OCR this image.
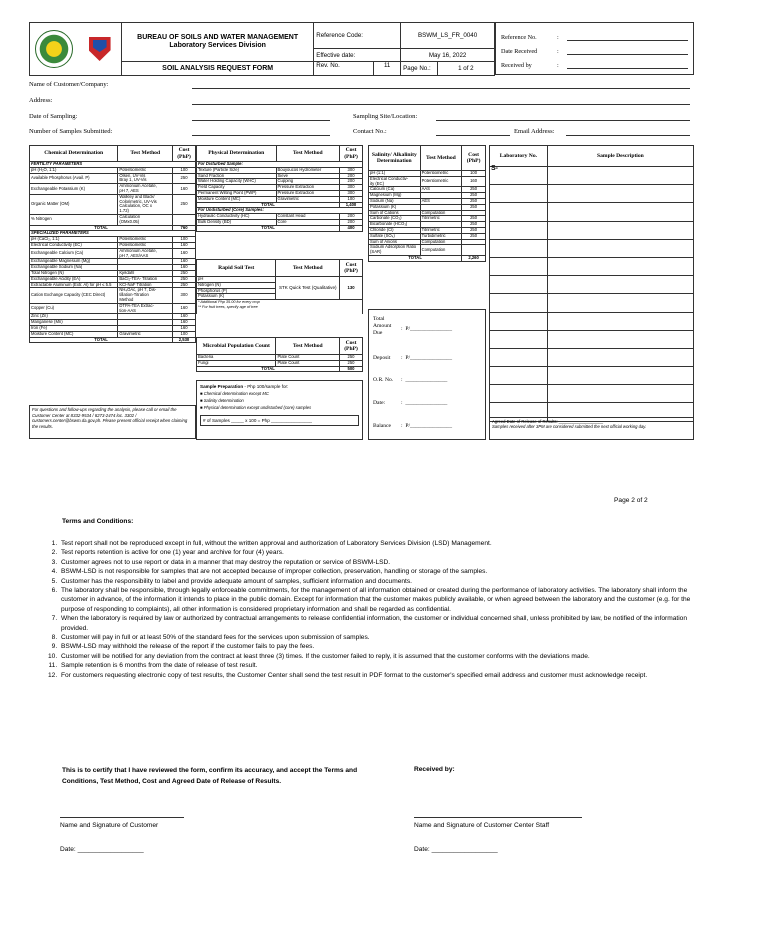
		BUREAU OF SOILS AND WATER MANAGEMENT
Laboratory Services Division	Reference Code:	BSWM_LS_FR_0040	
			Effective date:	May 16, 2022	
		SOIL ANALYSIS REQUEST FORM	Rev. No. 11	Page No.:	1 of 2
Reference No.	:
Date Received	:
Received by	:
Name of Customer/Company:
Address:
Date of Sampling:	Sampling Site/Location:
Number of Samples Submitted:	Contact No.:	Email Address:
Chemical Determination	Test Method	Cost (PhP)
FERTILITY PARAMETERS		
pH (H₂O, 1:1)	Potentiometric	100
Available Phosphorus (Avail. P)	Olsen, UV-Vis
Bray 1, UV-Vis	250
Exchangeable Potassium (K)	Ammonium Acetate,
pH 7, AES	160
Organic Matter (OM)	Walkley and Black/
Colorimetric, UV-Vis
Calculation, OC x
1.72)	250
% Nitrogen	Calculation
(OMx0.05)	
TOTAL		760
SPECIALIZED PARAMETERS		
pH (CaCl₂, 1:1)	Potentiometric	100
Electrical Conductivity (EC)	Potentiometric	160
Exchangeable Calcium (Ca)	Ammonium Acetate,
pH 7, AES/AAS	160
Exchangeable Magnesium (Mg)		160
Exchangeable Sodium (Na)		160
Total Nitrogen (N)	Kjeldahl	250
Exchangeable Acidity (EA)	BaCl₂-TEA- Titration	250
Extractable Aluminum (Extr. Al) for pH ≤ 5.5	KCl-NaF Titration	250
Cation Exchange Capacity (CEC Direct)	NH₄OAc, pH 7, Dis-
tillation-Titration
Method	300
Copper (Cu)	DTPA-TEA Extrac-
tion-AAS	160
Zinc (Zn)		160
Manganese (Mn)		160
Iron (Fe)		160
Moisture Content (MC)	Gravimetric	100
TOTAL		2,530
For questions and follow-ups regarding the analysis, please call or email the Customer Center at 8332-9534 / 8273-2474 loc. 3302 / customers.center@bswm.da.gov.ph. Please present official receipt when claiming the results.
Physical Determination	Test Method	Cost (PhP)
For Disturbed Sample:		
Texture (Particle Size)	Bouyoucos Hydrometer	300
Sand Fraction	Sieve	200
Water Holding Capacity (WHC)	Cupping	200
Field Capacity	Pressure Extraction	300
Permanent Wilting Point (PWP)	Pressure Extraction	300
Moisture Content (MC)	Gravimetric	100
TOTAL		1,400
For Undisturbed (Core) Samples:		
Hydraulic Conductivity (HC)	Constant Head	200
Bulk Density (BD)	Core	200
TOTAL		400
Rapid Soil Test	Test Method	Cost (PhP)
pH	STK Quick Test (Qualitative)	130
Nitrogen (N)		
Phosphorus (P)		
Potassium (K)		

* Additional Php 35.00 for every crop
** For fruit trees, specify age of tree		
Microbial Population Count	Test Method	Cost (PhP)
Bacteria	Plate Count	250
Fungi	Plate Count	250
TOTAL		500
Sample Preparation - Php 100/sample for:
■ Chemical determination except MC
■ Salinity determination
■ Physical determination except undisturbed (core) samples
# of Samples _____ x 100 = Php ________________
Salinity/ Alkalinity Determination	Test Method	Cost (PhP)
pH (1:1)	Potentiometric	100
Electrical Conductiv-
ity (EC)	Potentiometric	160
Calcium (Ca)	AAS	250
Magnesium (Mg)		250
Sodium (Na)	AES	250
Potassium (K)		250
Sum of Cations	Computation	
Carbonate (CO₃)	Titrimetric	250
Bicarbonate (HCO₃)		250
Chloride (Cl)	Titrimetric	250
Sulfate (SO₄)	Turbidimetric	250
Sum of Anions	Computation	
Sodium Adsorption Ratio (SAR)	Computation	
TOTAL		2,260
Total Amount Due
: P/_______________
Deposit : P/_______________
O.R. No. : _______________
Date:	: _______________
Balance : P/_______________
Laboratory No.	Sample Description
S-	

Agreed Date of Release of Results: ___________________
Samples received after 3PM are considered submitted the next official working day.
Page 2 of 2
Terms and Conditions:
1. Test report shall not be reproduced except in full, without the written approval and authorization of Laboratory Services Division (LSD) Management.
2. Test reports retention is active for one (1) year and archive for four (4) years.
3. Customer agrees not to use report or data in a manner that may destroy the reputation or service of BSWM-LSD.
4. BSWM-LSD is not responsible for samples that are not accepted because of improper collection, preservation, handling or storage of the samples.
5. Customer has the responsibility to label and provide adequate amount of samples, sufficient information and documents.
6. The laboratory shall be responsible, through legally enforceable commitments, for the management of all information obtained or created during the performance of laboratory activities. The laboratory shall inform the customer in advance, of the information it intends to place in the public domain. Except for information that the customer makes publicly available, or when agreed between the laboratory and the customer (e.g. for the purpose of responding to complaints), all other information is considered proprietary information and shall be regarded as confidential.
7. When the laboratory is required by law or authorized by contractual arrangements to release confidential information, the customer or individual concerned shall, unless prohibited by law, be notified of the information provided.
8. Customer will pay in full or at least 50% of the standard fees for the services upon submission of samples.
9. BSWM-LSD may withhold the release of the report if the customer fails to pay the fees.
10. Customer will be notified for any deviation from the contract at least three (3) times. If the customer failed to reply, it is assumed that the customer conforms with the deviations made.
11. Sample retention is 6 months from the date of release of test result.
12. For customers requesting electronic copy of test results, the Customer Center shall send the test result in PDF format to the customer's specified email address and customer must acknowledge receipt.
This is to certify that I have reviewed the form, confirm its accuracy, and accept the Terms and Conditions, Test Method, Cost and Agreed Date of Release of Results.
Received by:
Name and Signature of Customer	Name and Signature of Customer Center Staff
Date: __________________	Date: __________________
